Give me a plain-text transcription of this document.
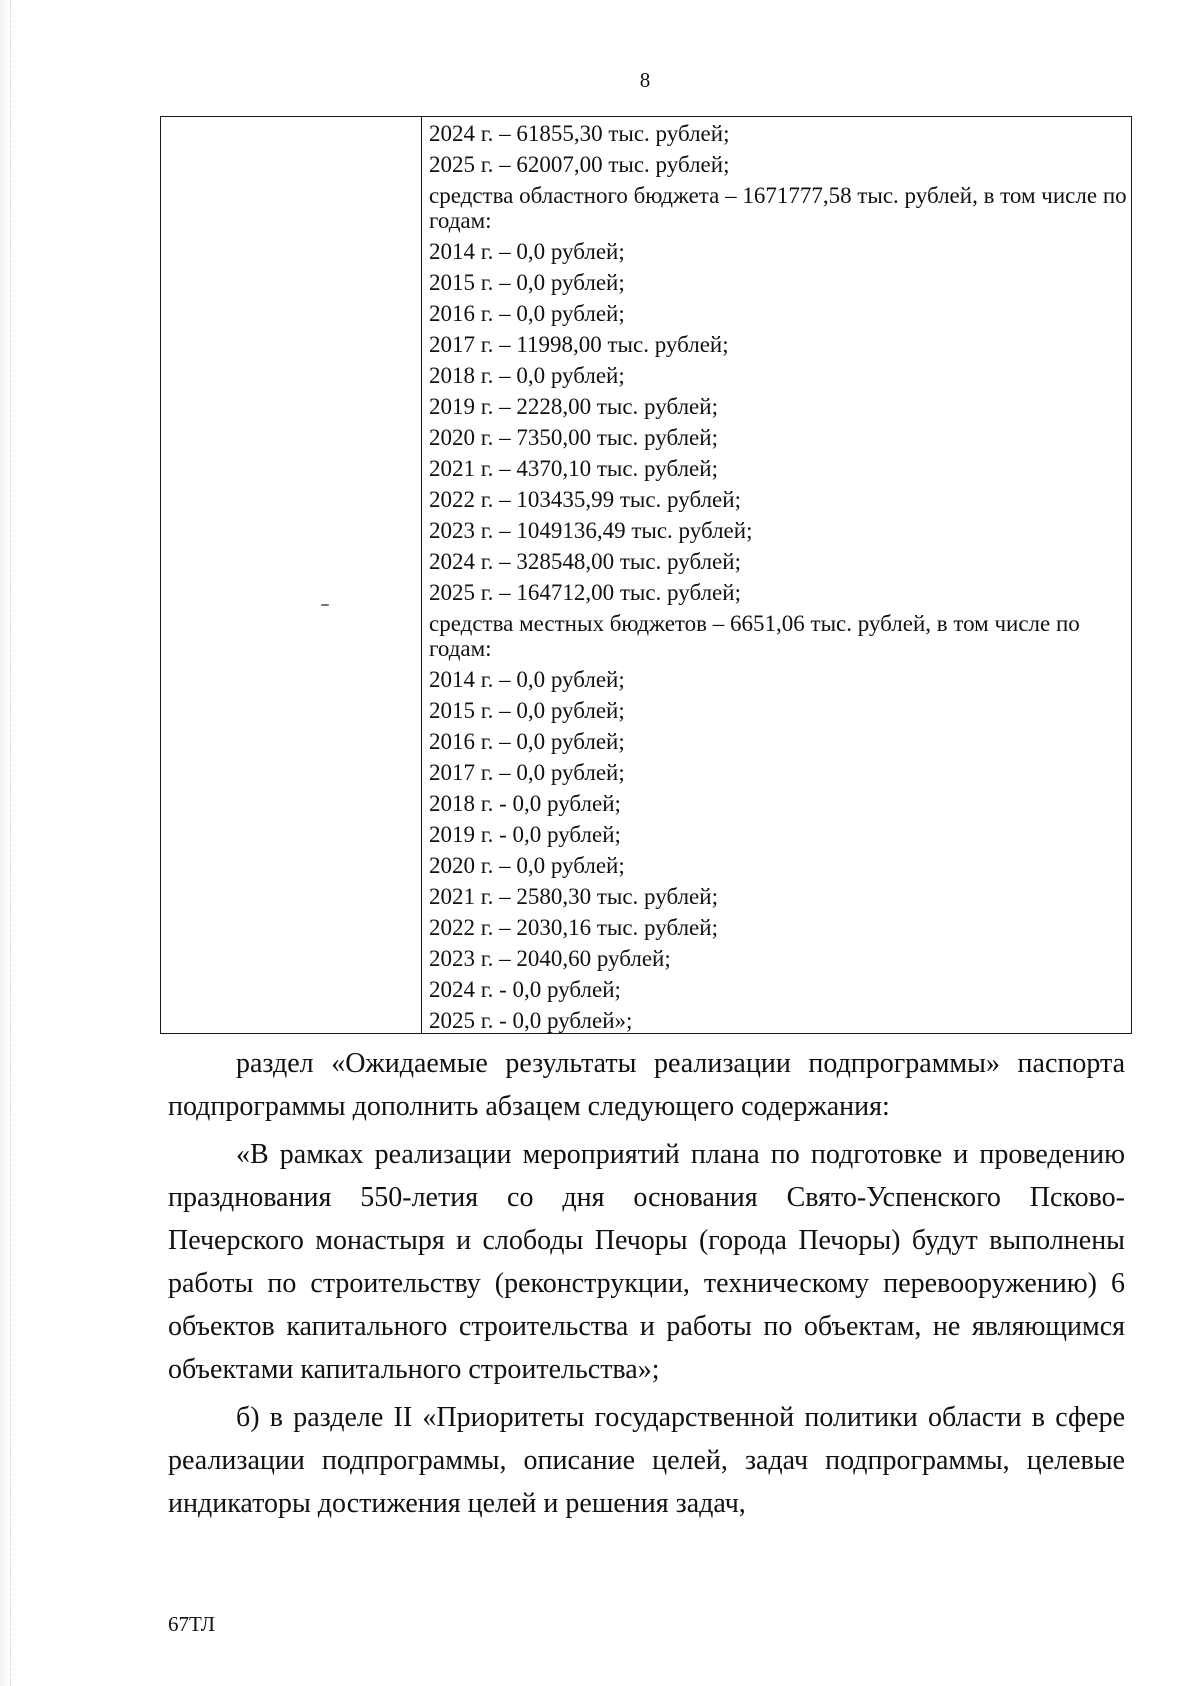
8

2024 г. – 61855,30 тыс. рублей;
2025 г. – 62007,00 тыс. рублей;
средства областного бюджета – 1671777,58 тыс. рублей, в том числе по годам:
2014 г. – 0,0 рублей;
2015 г. – 0,0 рублей;
2016 г. – 0,0 рублей;
2017 г. – 11998,00 тыс. рублей;
2018 г. – 0,0 рублей;
2019 г. – 2228,00 тыс. рублей;
2020 г. – 7350,00 тыс. рублей;
2021 г. – 4370,10 тыс. рублей;
2022 г. – 103435,99 тыс. рублей;
2023 г. – 1049136,49 тыс. рублей;
2024 г. – 328548,00 тыс. рублей;
2025 г. – 164712,00 тыс. рублей;
средства местных бюджетов – 6651,06 тыс. рублей, в том числе по годам:
2014 г. – 0,0 рублей;
2015 г. – 0,0 рублей;
2016 г. – 0,0 рублей;
2017 г. – 0,0 рублей;
2018 г. - 0,0 рублей;
2019 г. - 0,0 рублей;
2020 г. – 0,0 рублей;
2021 г. – 2580,30 тыс. рублей;
2022 г. – 2030,16 тыс. рублей;
2023 г. – 2040,60 рублей;
2024 г. - 0,0 рублей;
2025 г. - 0,0 рублей»;

раздел «Ожидаемые результаты реализации подпрограммы» паспорта подпрограммы дополнить абзацем следующего содержания:

«В рамках реализации мероприятий плана по подготовке и проведению празднования 550-летия со дня основания Свято-Успенского Псково-Печерского монастыря и слободы Печоры (города Печоры) будут выполнены работы по строительству (реконструкции, техническому перевооружению) 6 объектов капитального строительства и работы по объектам, не являющимся объектами капитального строительства»;

б) в разделе II «Приоритеты государственной политики области в сфере реализации подпрограммы, описание целей, задач подпрограммы, целевые индикаторы достижения целей и решения задач,

67ТЛ
